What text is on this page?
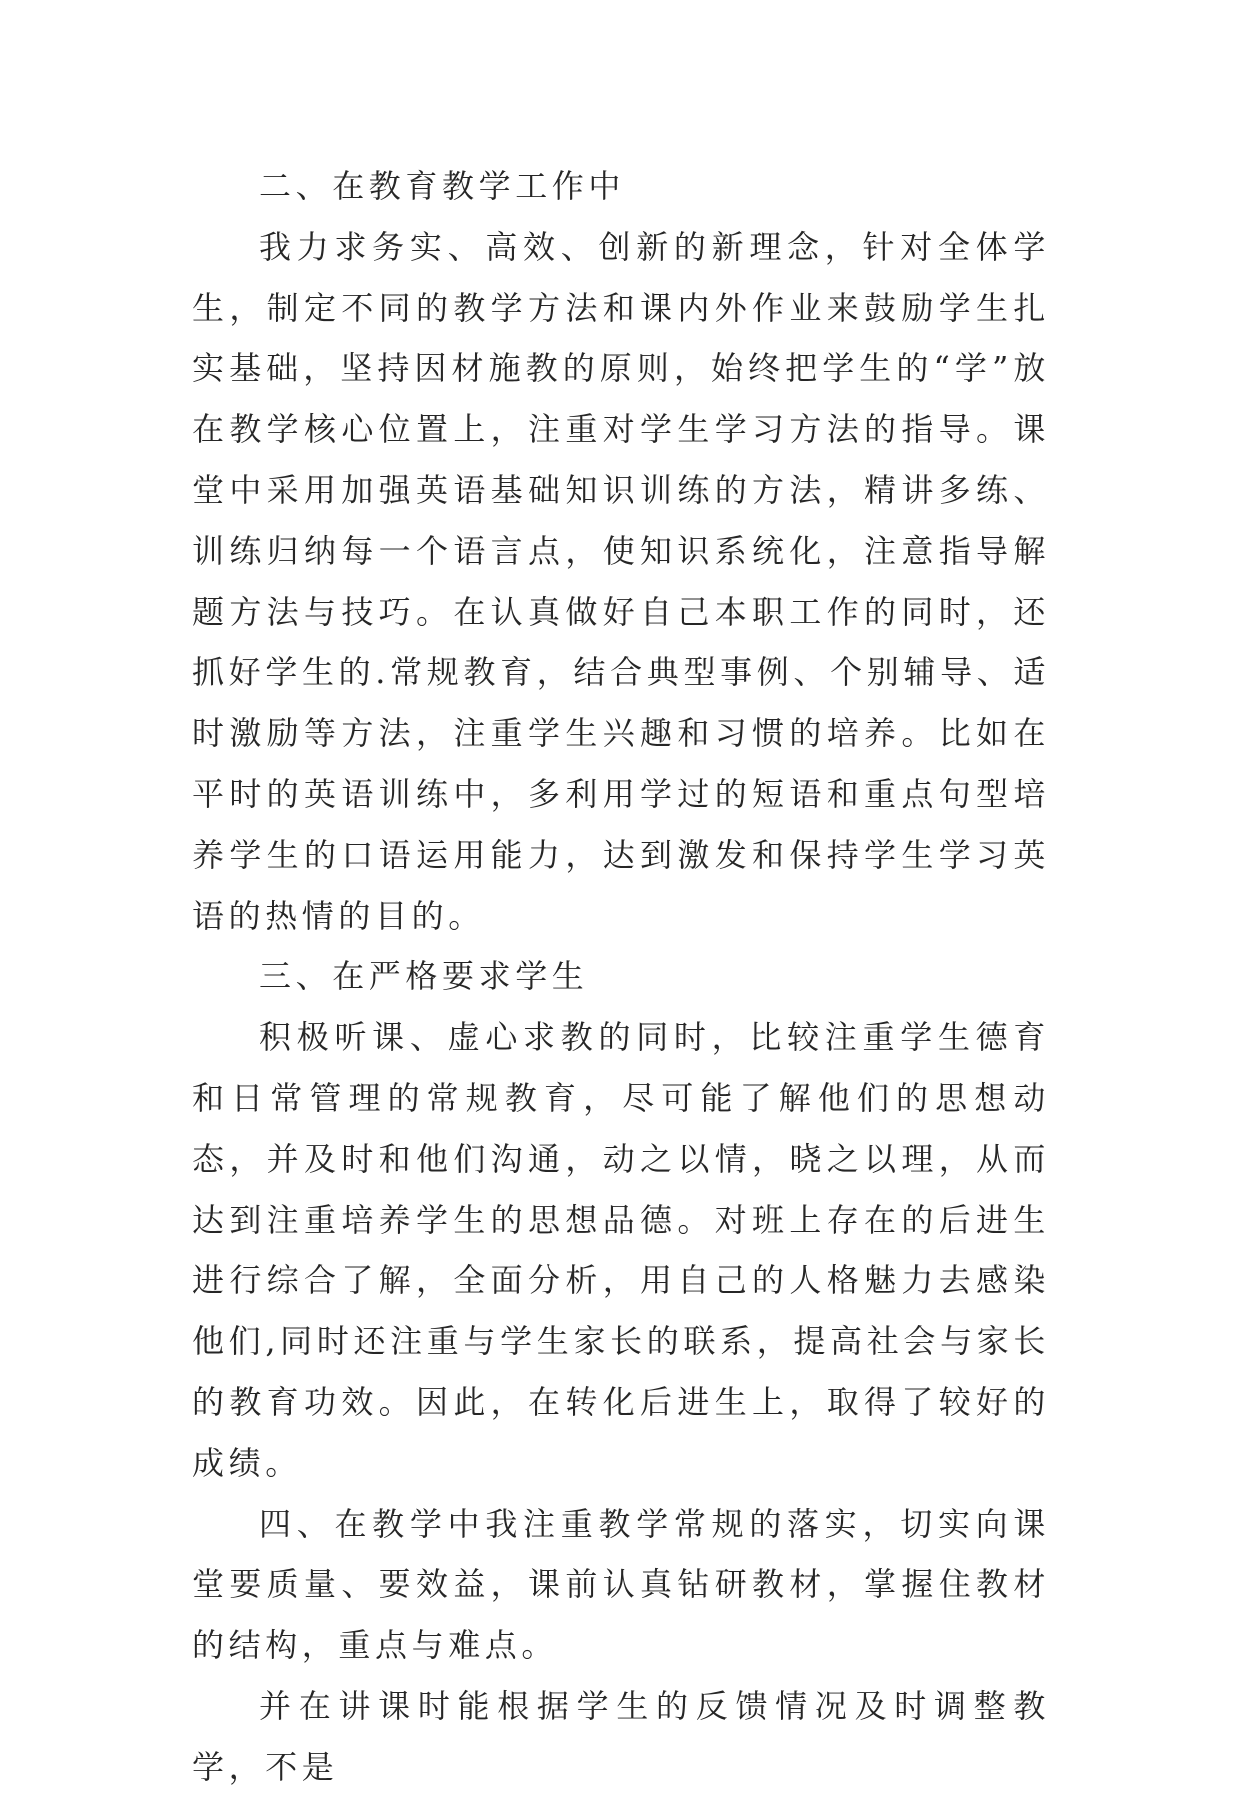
二、在教育教学工作中

我力求务实、高效、创新的新理念，针对全体学生，制定不同的教学方法和课内外作业来鼓励学生扎实基础，坚持因材施教的原则，始终把学生的“学”放在教学核心位置上，注重对学生学习方法的指导。课堂中采用加强英语基础知识训练的方法，精讲多练、训练归纳每一个语言点，使知识系统化，注意指导解题方法与技巧。在认真做好自己本职工作的同时，还抓好学生的.常规教育，结合典型事例、个别辅导、适时激励等方法，注重学生兴趣和习惯的培养。比如在平时的英语训练中，多利用学过的短语和重点句型培养学生的口语运用能力，达到激发和保持学生学习英语的热情的目的。

三、在严格要求学生

积极听课、虚心求教的同时，比较注重学生德育和日常管理的常规教育，尽可能了解他们的思想动态，并及时和他们沟通，动之以情，晓之以理，从而达到注重培养学生的思想品德。对班上存在的后进生进行综合了解，全面分析，用自己的人格魅力去感染他们,同时还注重与学生家长的联系，提高社会与家长的教育功效。因此，在转化后进生上，取得了较好的成绩。

四、在教学中我注重教学常规的落实，切实向课堂要质量、要效益，课前认真钻研教材，掌握住教材的结构，重点与难点。

并在讲课时能根据学生的反馈情况及时调整教学，不是
